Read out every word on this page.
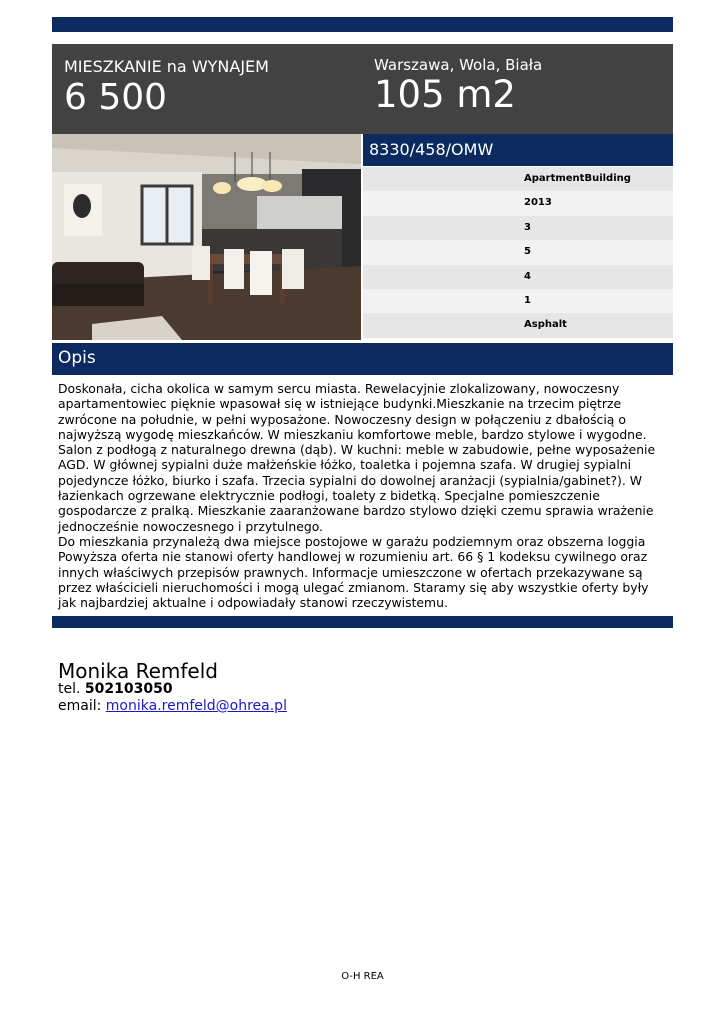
MIESZKANIE na WYNAJEM
6 500
Warszawa, Wola, Biała
105 m2
8330/458/OMW
ApartmentBuilding
2013
3
5
4
1
Asphalt
Opis

Doskonała, cicha okolica w samym sercu miasta. Rewelacyjnie zlokalizowany, nowoczesny apartamentowiec pięknie wpasował się w istniejące budynki.Mieszkanie na trzecim piętrze zwrócone na południe, w pełni wyposażone. Nowoczesny design w połączeniu z dbałością o najwyższą wygodę mieszkańców. W mieszkaniu komfortowe meble, bardzo stylowe i wygodne. Salon z podłogą z naturalnego drewna (dąb). W kuchni: meble w zabudowie, pełne wyposażenie AGD. W głównej sypialni duże małżeńskie łóżko, toaletka i pojemna szafa. W drugiej sypialni pojedyncze łóżko, biurko i szafa. Trzecia sypialni do dowolnej aranżacji (sypialnia/gabinet?). W łazienkach ogrzewane elektrycznie podłogi, toalety z bidetką. Specjalne pomieszczenie gospodarcze z pralką. Mieszkanie zaaranżowane bardzo stylowo dzięki czemu sprawia wrażenie jednocześnie nowoczesnego i przytulnego.

Do mieszkania przynależą dwa miejsce postojowe w garażu podziemnym oraz obszerna loggia

Powyższa oferta nie stanowi oferty handlowej w rozumieniu art. 66 § 1 kodeksu cywilnego oraz innych właściwych przepisów prawnych. Informacje umieszczone w ofertach przekazywane są przez właścicieli nieruchomości i mogą ulegać zmianom. Staramy się aby wszystkie oferty były jak najbardziej aktualne i odpowiadały stanowi rzeczywistemu.

Monika Remfeld
tel. 502103050
email: monika.remfeld@ohrea.pl
O-H REA
